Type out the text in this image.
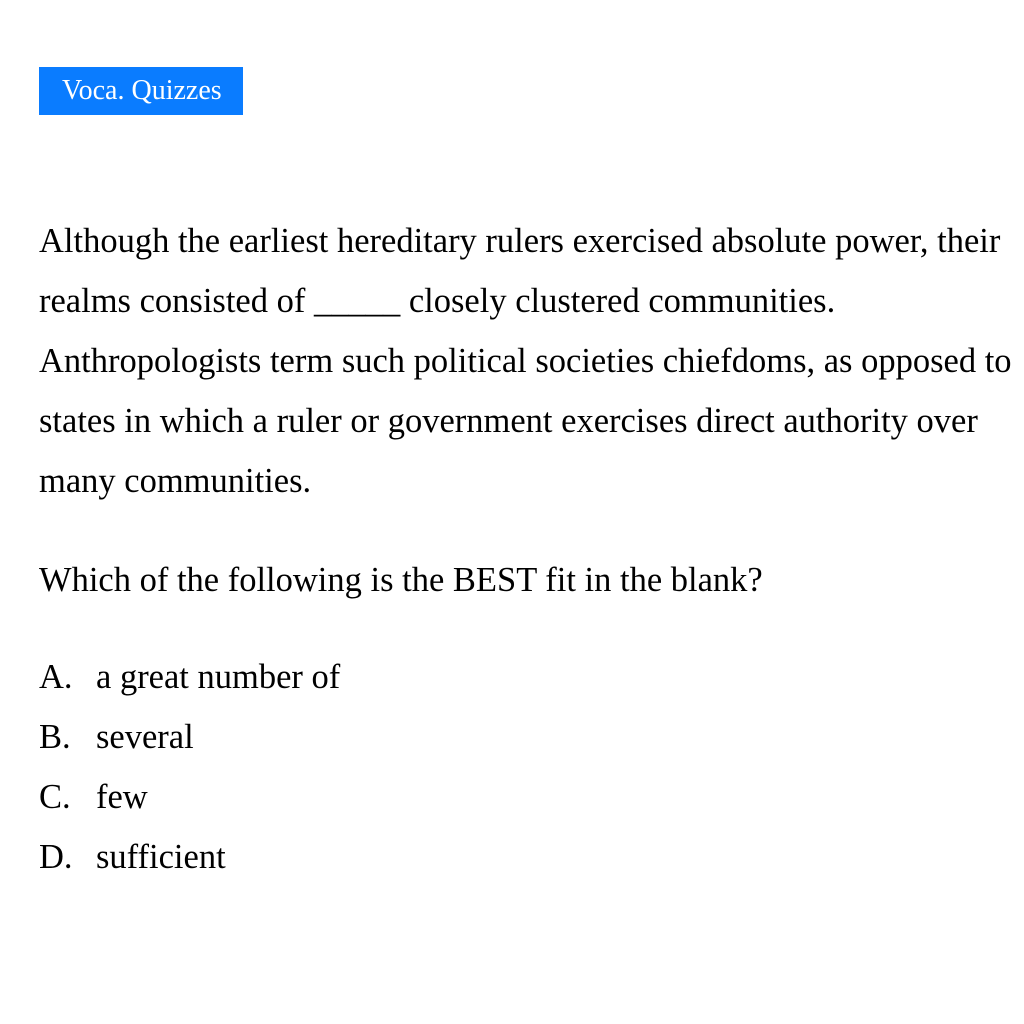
Voca. Quizzes

Although the earliest hereditary rulers exercised absolute power, their realms consisted of _____ closely clustered communities. Anthropologists term such political societies chiefdoms, as opposed to states in which a ruler or government exercises direct authority over many communities.

Which of the following is the BEST fit in the blank?

A. a great number of
B. several
C. few
D. sufficient
